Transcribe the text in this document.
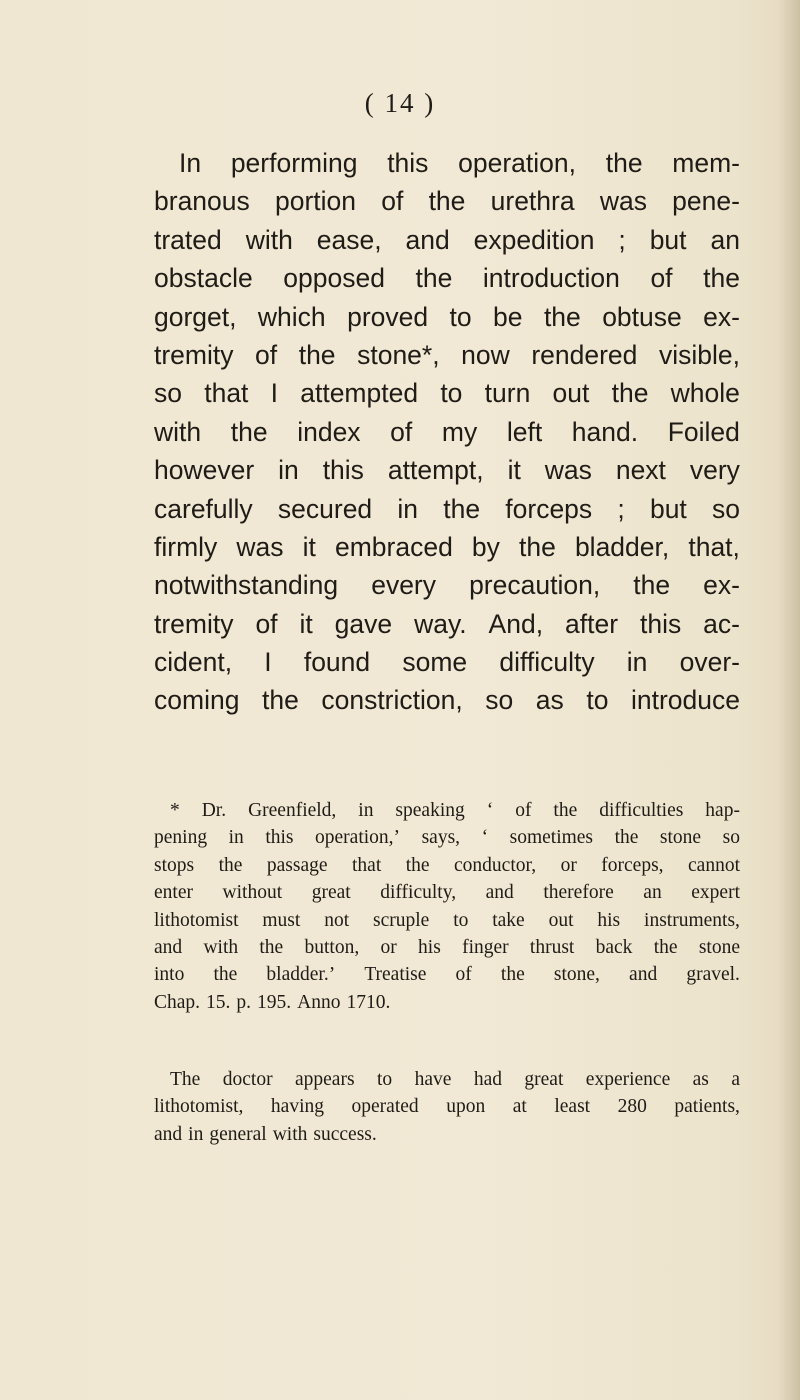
( 14 )
In performing this operation, the mem-
branous portion of the urethra was pene-
trated with ease, and expedition ; but an
obstacle opposed the introduction of the
gorget, which proved to be the obtuse ex-
tremity of the stone*, now rendered visible,
so that I attempted to turn out the whole
with the index of my left hand. Foiled
however in this attempt, it was next very
carefully secured in the forceps ; but so
firmly was it embraced by the bladder, that,
notwithstanding every precaution, the ex-
tremity of it gave way. And, after this ac-
cident, I found some difficulty in over-
coming the constriction, so as to introduce
* Dr. Greenfield, in speaking ‘ of the difficulties hap-
pening in this operation,’ says, ‘ sometimes the stone so
stops the passage that the conductor, or forceps, cannot
enter without great difficulty, and therefore an expert
lithotomist must not scruple to take out his instruments,
and with the button, or his finger thrust back the stone
into the bladder.’ Treatise of the stone, and gravel.
Chap. 15. p. 195. Anno 1710.
The doctor appears to have had great experience as a
lithotomist, having operated upon at least 280 patients,
and in general with success.
